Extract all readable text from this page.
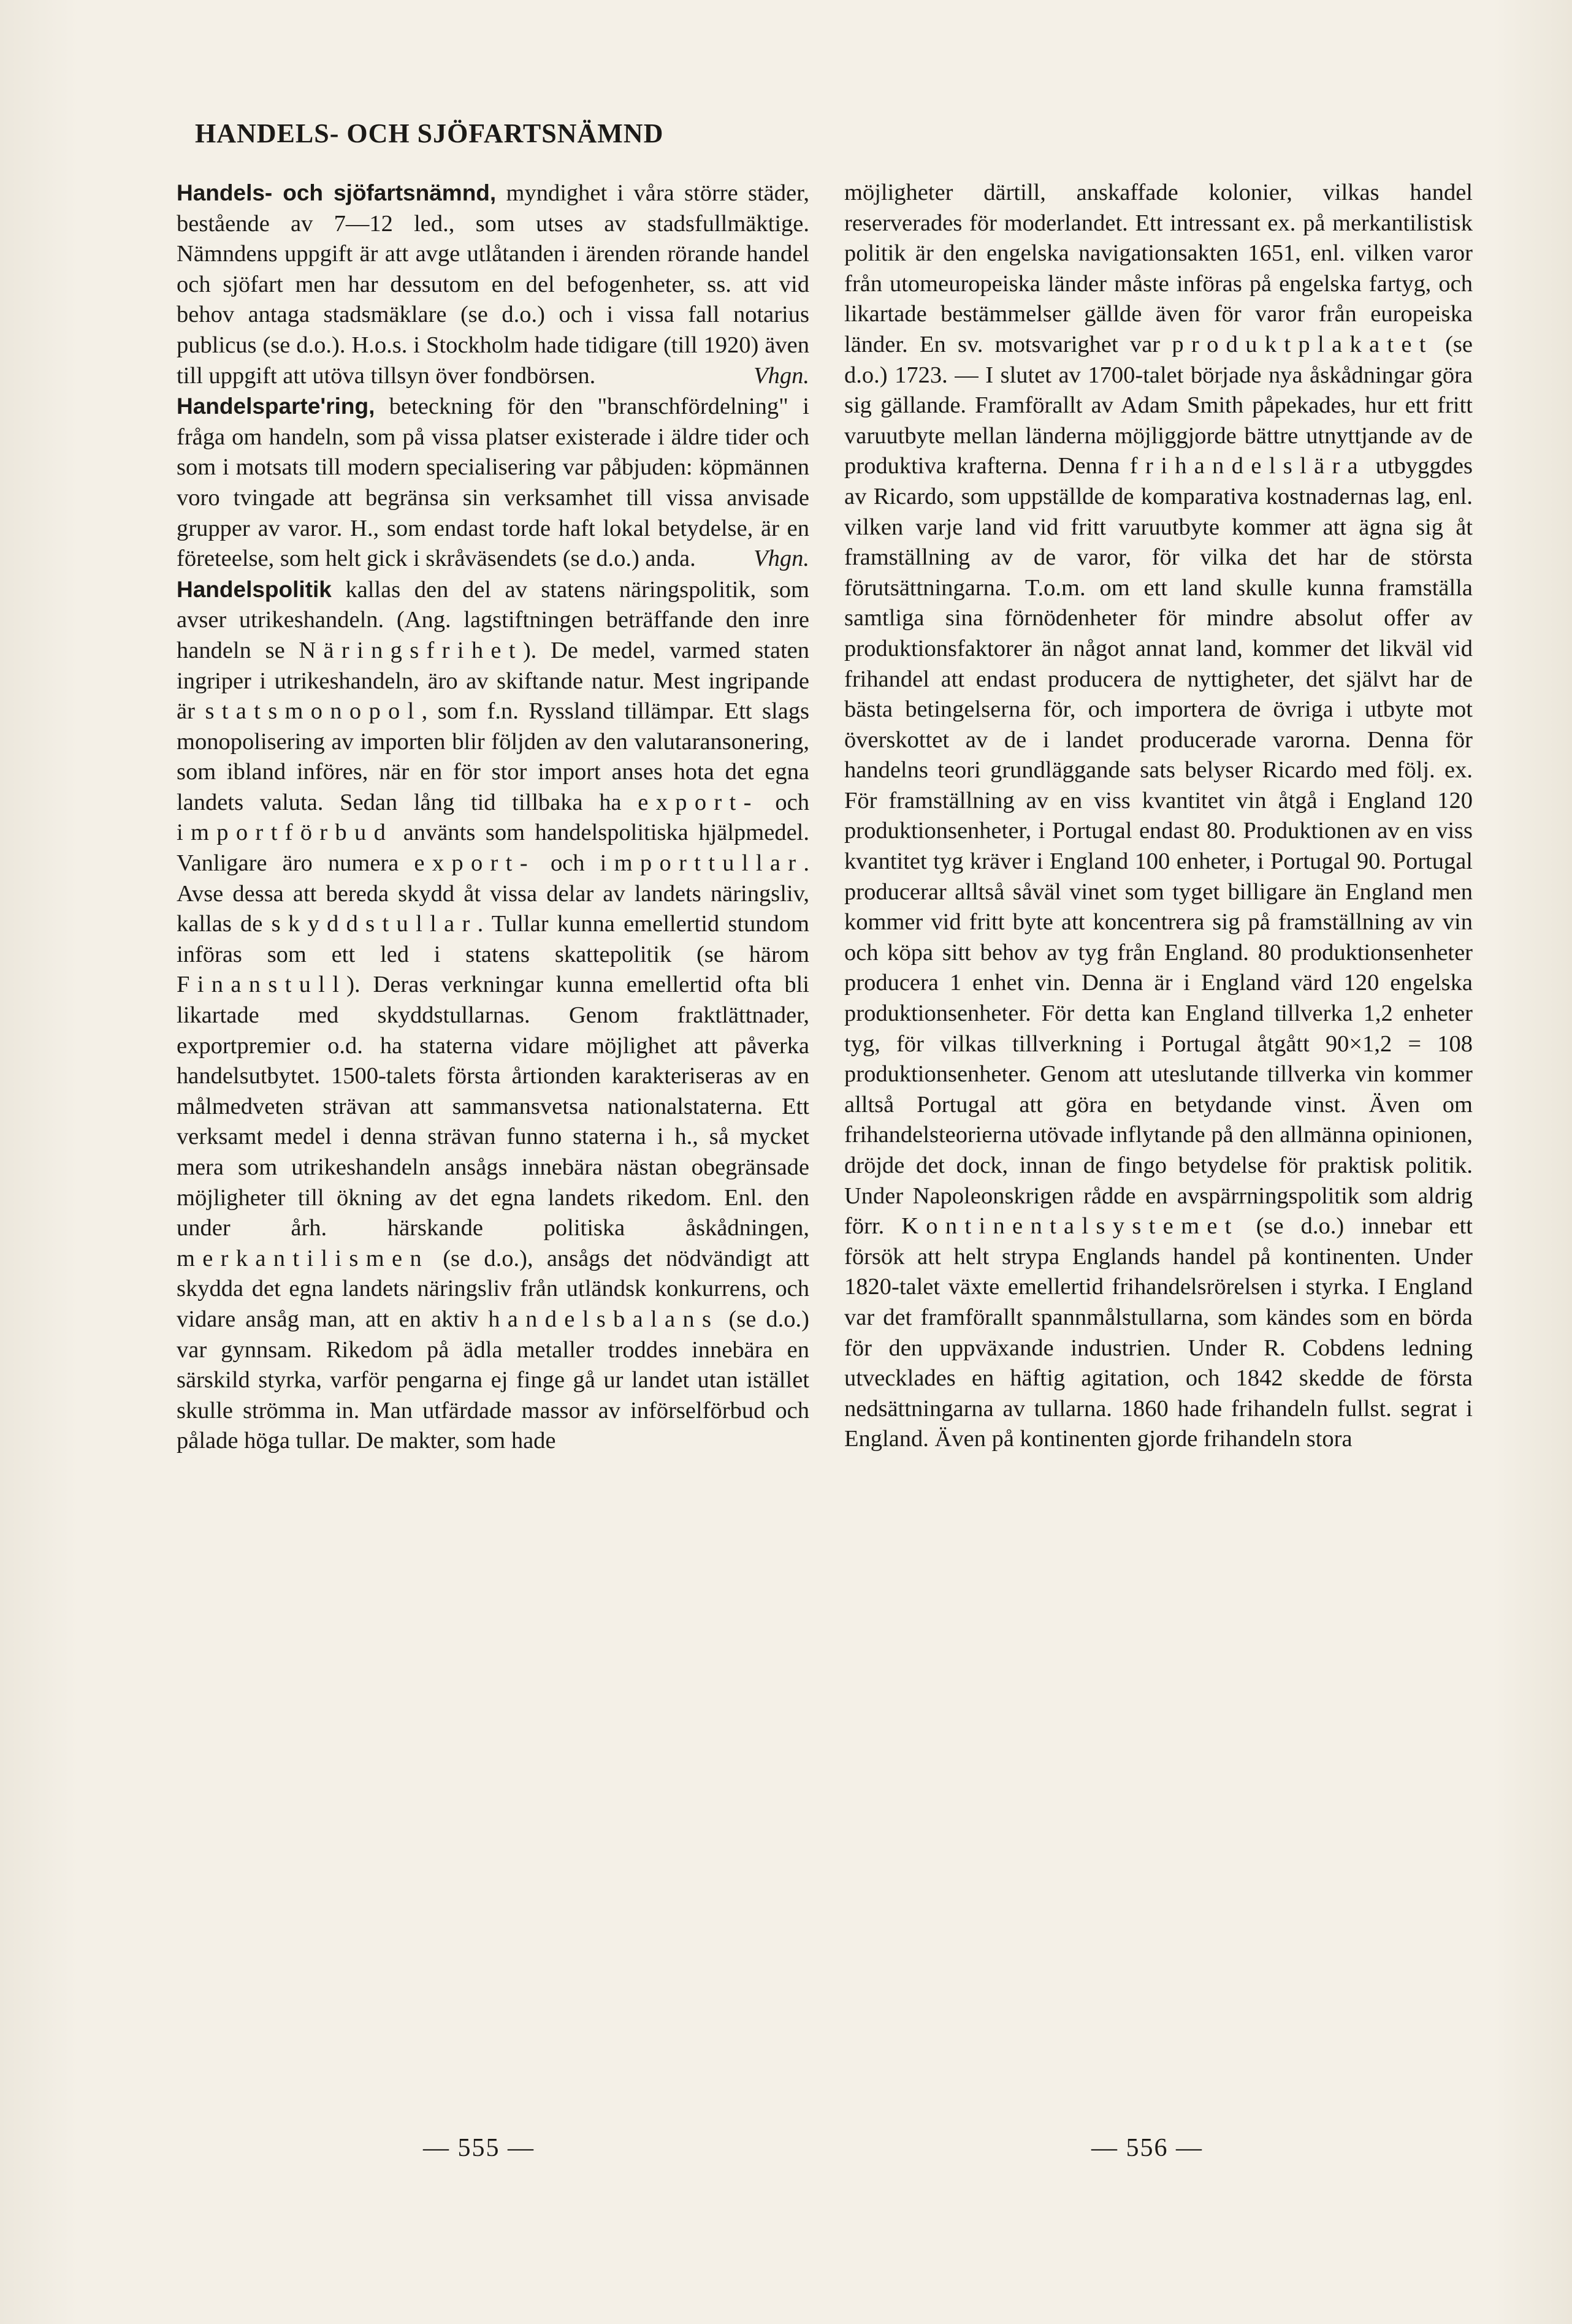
HANDELS- OCH SJÖFARTSNÄMND

Handels- och sjöfartsnämnd, myndighet i våra större städer, bestående av 7—12 led., som utses av stadsfullmäktige. Nämndens uppgift är att avge utlåtanden i ärenden rörande handel och sjöfart men har dessutom en del befogenheter, ss. att vid behov antaga stadsmäklare (se d.o.) och i vissa fall notarius publicus (se d.o.). H.o.s. i Stockholm hade tidigare (till 1920) även till uppgift att utöva tillsyn över fondbörsen.	Vhgn.

Handelsparte'ring, beteckning för den "branschfördelning" i fråga om handeln, som på vissa platser existerade i äldre tider och som i motsats till modern specialisering var påbjuden: köpmännen voro tvingade att begränsa sin verksamhet till vissa anvisade grupper av varor. H., som endast torde haft lokal betydelse, är en företeelse, som helt gick i skråväsendets (se d.o.) anda. Vhgn.

Handelspolitik kallas den del av statens näringspolitik, som avser utrikeshandeln. (Ang. lagstiftningen beträffande den inre handeln se Näringsfrihet). De medel, varmed staten ingriper i utrikeshandeln, äro av skiftande natur. Mest ingripande är statsmonopol, som f.n. Ryssland tillämpar. Ett slags monopolisering av importen blir följden av den valutaransonering, som ibland införes, när en för stor import anses hota det egna landets valuta. Sedan lång tid tillbaka ha export- och importförbud använts som handelspolitiska hjälpmedel. Vanligare äro numera export- och importtullar. Avse dessa att bereda skydd åt vissa delar av landets näringsliv, kallas de skyddstullar. Tullar kunna emellertid stundom införas som ett led i statens skattepolitik (se härom Finanstull). Deras verkningar kunna emellertid ofta bli likartade med skyddstullarnas. Genom fraktlättnader, exportpremier o.d. ha staterna vidare möjlighet att påverka handelsutbytet. 1500-talets första årtionden karakteriseras av en målmedveten strävan att sammansvetsa nationalstaterna. Ett verksamt medel i denna strävan funno staterna i h., så mycket mera som utrikeshandeln ansågs innebära nästan obegränsade möjligheter till ökning av det egna landets rikedom. Enl. den under årh. härskande politiska åskådningen, merkantilismen (se d.o.), ansågs det nödvändigt att skydda det egna landets näringsliv från utländsk konkurrens, och vidare ansåg man, att en aktiv handelsbalans (se d.o.) var gynnsam. Rikedom på ädla metaller troddes innebära en särskild styrka, varför pengarna ej finge gå ur landet utan istället skulle strömma in. Man utfärdade massor av införselförbud och pålade höga tullar. De makter, som hade

möjligheter därtill, anskaffade kolonier, vilkas handel reserverades för moderlandet. Ett intressant ex. på merkantilistisk politik är den engelska navigationsakten 1651, enl. vilken varor från utomeuropeiska länder måste införas på engelska fartyg, och likartade bestämmelser gällde även för varor från europeiska länder. En sv. motsvarighet var produktplakatet (se d.o.) 1723. — I slutet av 1700-talet började nya åskådningar göra sig gällande. Framförallt av Adam Smith påpekades, hur ett fritt varuutbyte mellan länderna möjliggjorde bättre utnyttjande av de produktiva krafterna. Denna frihandelslära utbyggdes av Ricardo, som uppställde de komparativa kostnadernas lag, enl. vilken varje land vid fritt varuutbyte kommer att ägna sig åt framställning av de varor, för vilka det har de största förutsättningarna. T.o.m. om ett land skulle kunna framställa samtliga sina förnödenheter för mindre absolut offer av produktionsfaktorer än något annat land, kommer det likväl vid frihandel att endast producera de nyttigheter, det självt har de bästa betingelserna för, och importera de övriga i utbyte mot överskottet av de i landet producerade varorna. Denna för handelns teori grundläggande sats belyser Ricardo med följ. ex. För framställning av en viss kvantitet vin åtgå i England 120 produktionsenheter, i Portugal endast 80. Produktionen av en viss kvantitet tyg kräver i England 100 enheter, i Portugal 90. Portugal producerar alltså såväl vinet som tyget billigare än England men kommer vid fritt byte att koncentrera sig på framställning av vin och köpa sitt behov av tyg från England. 80 produktionsenheter producera 1 enhet vin. Denna är i England värd 120 engelska produktionsenheter. För detta kan England tillverka 1,2 enheter tyg, för vilkas tillverkning i Portugal åtgått 90×1,2 = 108 produktionsenheter. Genom att uteslutande tillverka vin kommer alltså Portugal att göra en betydande vinst. Även om frihandelsteorierna utövade inflytande på den allmänna opinionen, dröjde det dock, innan de fingo betydelse för praktisk politik. Under Napoleonskrigen rådde en avspärrningspolitik som aldrig förr. Kontinentalsystemet (se d.o.) innebar ett försök att helt strypa Englands handel på kontinenten. Under 1820-talet växte emellertid frihandelsrörelsen i styrka. I England var det framförallt spannmålstullarna, som kändes som en börda för den uppväxande industrien. Under R. Cobdens ledning utvecklades en häftig agitation, och 1842 skedde de första nedsättningarna av tullarna. 1860 hade frihandeln fullst. segrat i England. Även på kontinenten gjorde frihandeln stora

— 555 —	— 556 —
